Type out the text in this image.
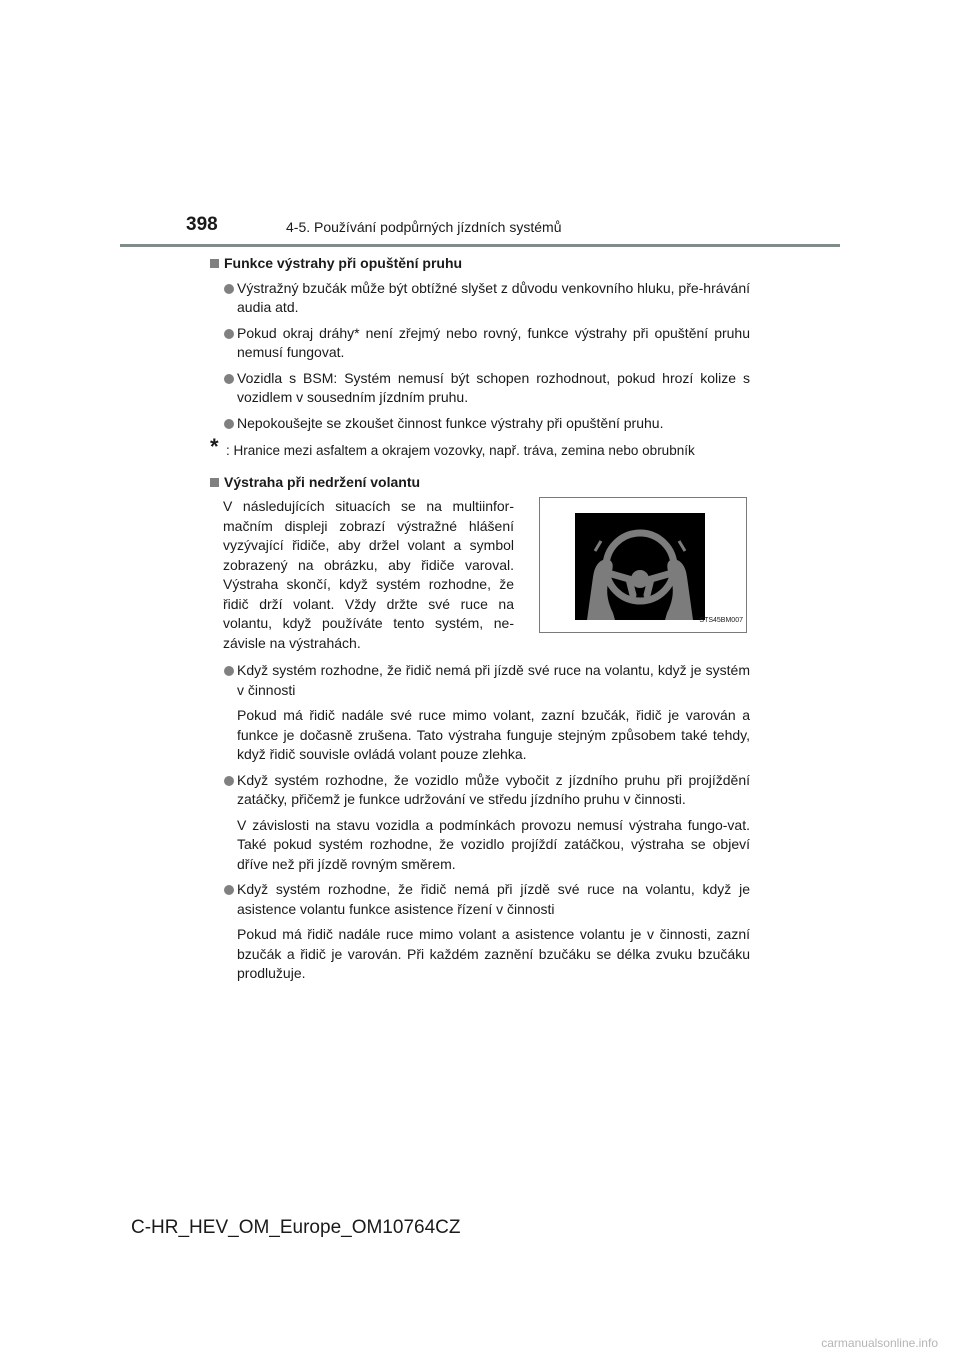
398	4-5. Používání podpůrných jízdních systémů
Funkce výstrahy při opuštění pruhu
Výstražný bzučák může být obtížné slyšet z důvodu venkovního hluku, pře-hrávání audia atd.
Pokud okraj dráhy* není zřejmý nebo rovný, funkce výstrahy při opuštění pruhu nemusí fungovat.
Vozidla s BSM: Systém nemusí být schopen rozhodnout, pokud hrozí kolize s vozidlem v sousedním jízdním pruhu.
Nepokoušejte se zkoušet činnost funkce výstrahy při opuštění pruhu.
* : Hranice mezi asfaltem a okrajem vozovky, např. tráva, zemina nebo obrubník
Výstraha při nedržení volantu

V následujících situacích se na multiinfor-mačním displeji zobrazí výstražné hlášení vyzývající řidiče, aby držel volant a symbol zobrazený na obrázku, aby řidiče varoval. Výstraha skončí, když systém rozhodne, že řidič drží volant. Vždy držte své ruce na volantu, když používáte tento systém, ne-závisle na výstrahách.

STS45BM007
Když systém rozhodne, že řidič nemá při jízdě své ruce na volantu, když je systém v činnosti

Pokud má řidič nadále své ruce mimo volant, zazní bzučák, řidič je varován a funkce je dočasně zrušena. Tato výstraha funguje stejným způsobem také tehdy, když řidič souvisle ovládá volant pouze zlehka.

Když systém rozhodne, že vozidlo může vybočit z jízdního pruhu při projíždění zatáčky, přičemž je funkce udržování ve středu jízdního pruhu v činnosti.

V závislosti na stavu vozidla a podmínkách provozu nemusí výstraha fungo-vat. Také pokud systém rozhodne, že vozidlo projíždí zatáčkou, výstraha se objeví dříve než při jízdě rovným směrem.

Když systém rozhodne, že řidič nemá při jízdě své ruce na volantu, když je asistence volantu funkce asistence řízení v činnosti

Pokud má řidič nadále ruce mimo volant a asistence volantu je v činnosti, zazní bzučák a řidič je varován. Při každém zaznění bzučáku se délka zvuku bzučáku prodlužuje.

C-HR_HEV_OM_Europe_OM10764CZ
carmanualsonline.info
